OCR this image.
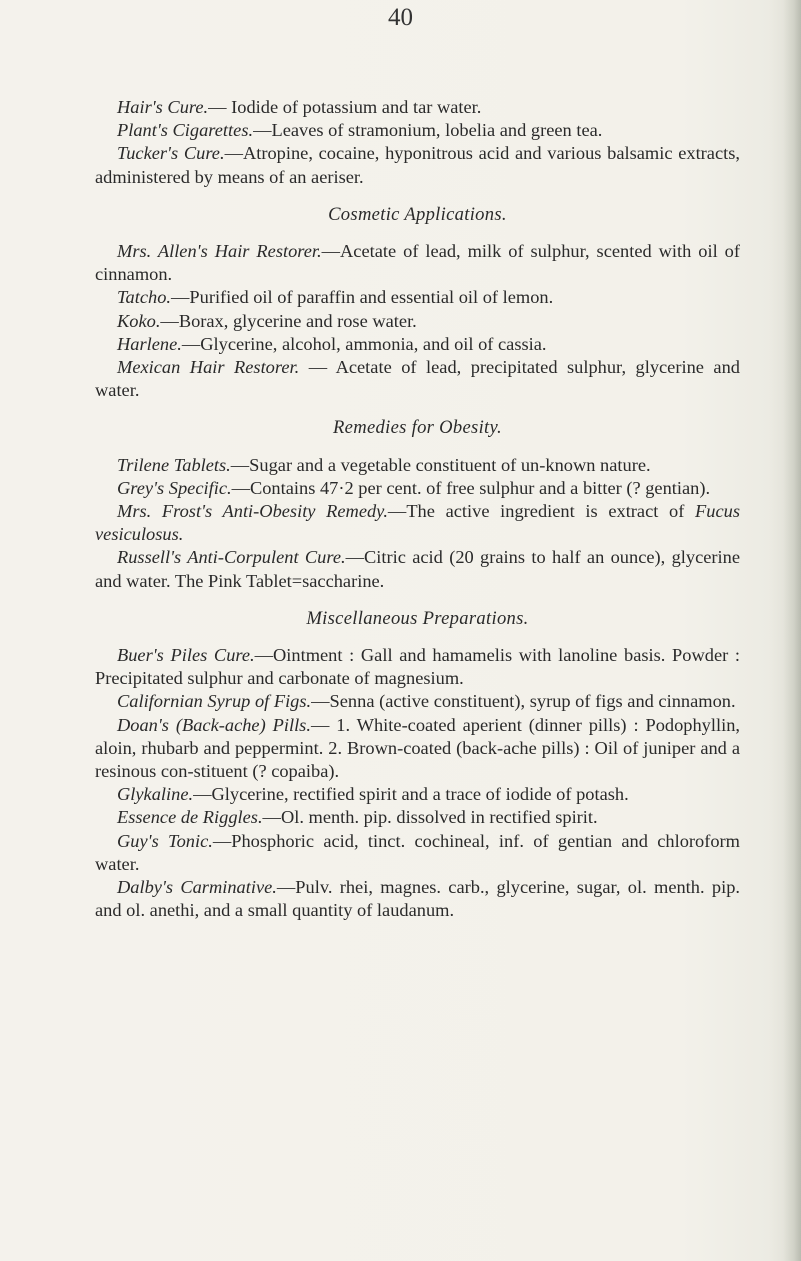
40

Hair's Cure.— Iodide of potassium and tar water.

Plant's Cigarettes.—Leaves of stramonium, lobelia and green tea.

Tucker's Cure.—Atropine, cocaine, hyponitrous acid and various balsamic extracts, administered by means of an aeriser.

Cosmetic Applications.

Mrs. Allen's Hair Restorer.—Acetate of lead, milk of sulphur, scented with oil of cinnamon.

Tatcho.—Purified oil of paraffin and essential oil of lemon.

Koko.—Borax, glycerine and rose water.

Harlene.—Glycerine, alcohol, ammonia, and oil of cassia.

Mexican Hair Restorer. — Acetate of lead, precipitated sulphur, glycerine and water.

Remedies for Obesity.

Trilene Tablets.—Sugar and a vegetable constituent of un-known nature.

Grey's Specific.—Contains 47·2 per cent. of free sulphur and a bitter (? gentian).

Mrs. Frost's Anti-Obesity Remedy.—The active ingredient is extract of Fucus vesiculosus.

Russell's Anti-Corpulent Cure.—Citric acid (20 grains to half an ounce), glycerine and water. The Pink Tablet=saccharine.

Miscellaneous Preparations.

Buer's Piles Cure.—Ointment : Gall and hamamelis with lanoline basis. Powder : Precipitated sulphur and carbonate of magnesium.

Californian Syrup of Figs.—Senna (active constituent), syrup of figs and cinnamon.

Doan's (Back-ache) Pills.— 1. White-coated aperient (dinner pills) : Podophyllin, aloin, rhubarb and peppermint. 2. Brown-coated (back-ache pills) : Oil of juniper and a resinous con-stituent (? copaiba).

Glykaline.—Glycerine, rectified spirit and a trace of iodide of potash.

Essence de Riggles.—Ol. menth. pip. dissolved in rectified spirit.

Guy's Tonic.—Phosphoric acid, tinct. cochineal, inf. of gentian and chloroform water.

Dalby's Carminative.—Pulv. rhei, magnes. carb., glycerine, sugar, ol. menth. pip. and ol. anethi, and a small quantity of laudanum.
